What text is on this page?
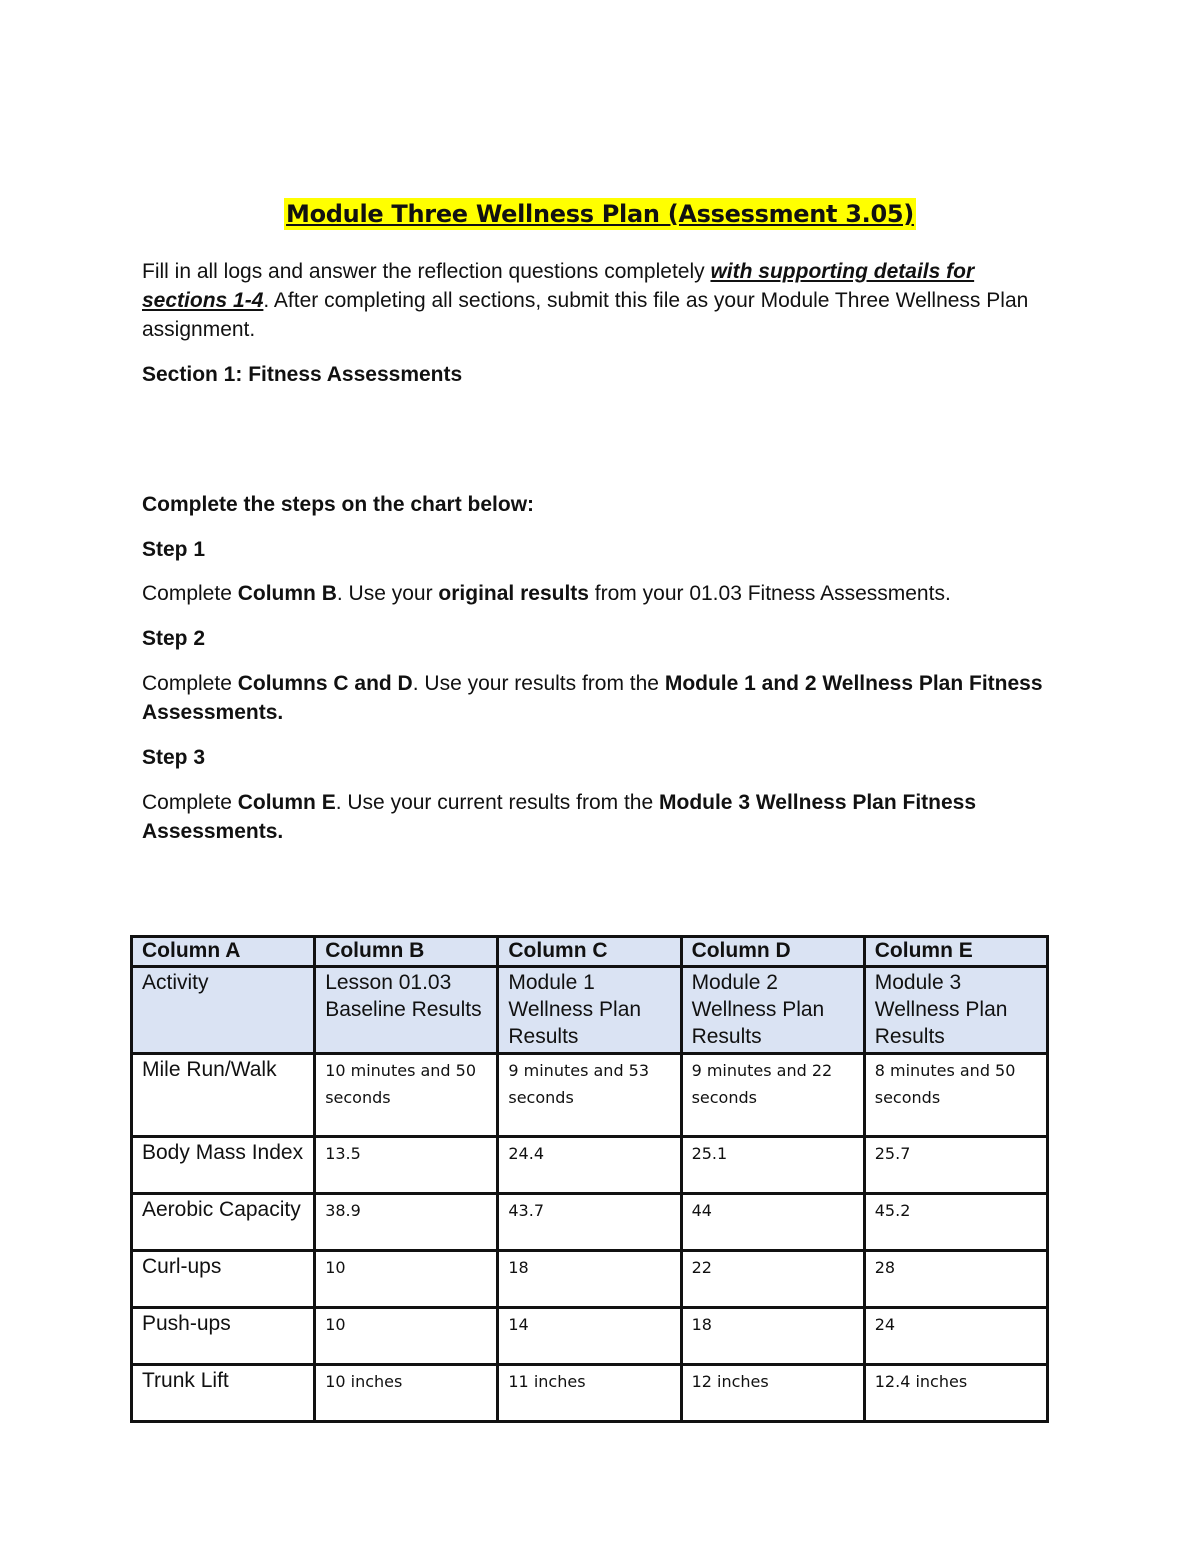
Module Three Wellness Plan (Assessment 3.05)
Fill in all logs and answer the reflection questions completely with supporting details for sections 1-4. After completing all sections, submit this file as your Module Three Wellness Plan assignment.
Section 1: Fitness Assessments
Complete the steps on the chart below:
Step 1
Complete Column B. Use your original results from your 01.03 Fitness Assessments.
Step 2
Complete Columns C and D. Use your results from the Module 1 and 2 Wellness Plan Fitness Assessments.
Step 3
Complete Column E. Use your current results from the Module 3 Wellness Plan Fitness Assessments.
Column A	Column B	Column C	Column D	Column E
Activity	Lesson 01.03 Baseline Results	Module 1 Wellness Plan Results	Module 2 Wellness Plan Results	Module 3 Wellness Plan Results
Mile Run/Walk	10 minutes and 50 seconds	9 minutes and 53 seconds	9 minutes and 22 seconds	8 minutes and 50 seconds
Body Mass Index	13.5	24.4	25.1	25.7
Aerobic Capacity	38.9	43.7	44	45.2
Curl-ups	10	18	22	28
Push-ups	10	14	18	24
Trunk Lift	10 inches	11 inches	12 inches	12.4 inches
